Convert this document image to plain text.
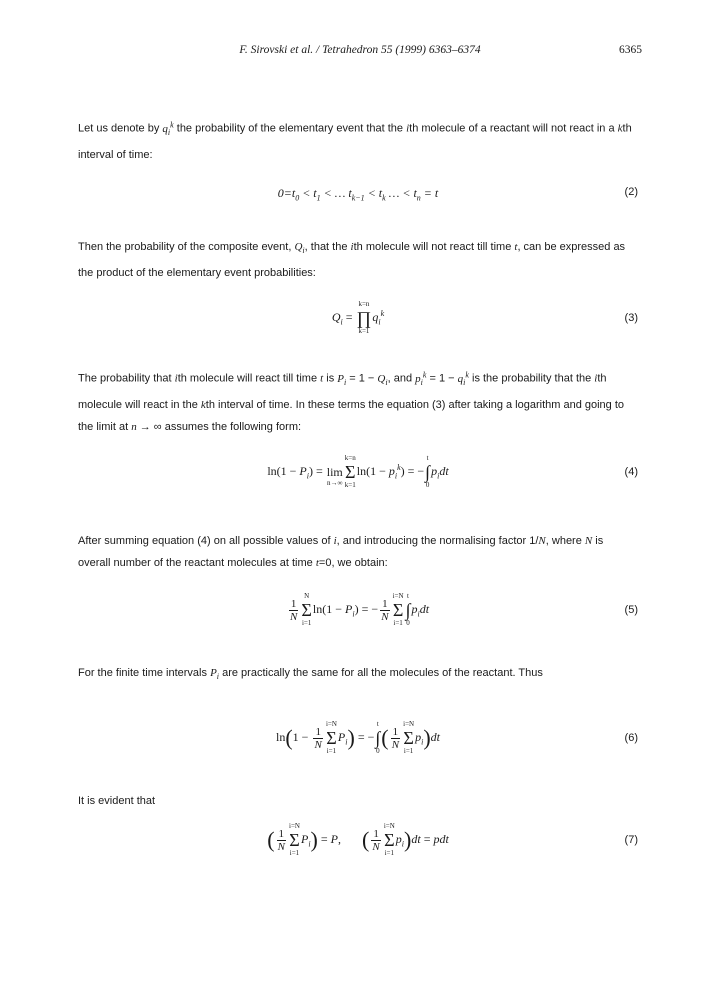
F. Sirovski et al. / Tetrahedron 55 (1999) 6363–6374	6365

Let us denote by $q_i^k$ the probability of the elementary event that the ith molecule of a reactant will not react in a kth interval of time:

$0=t_0 < t_1$ < … $t_{k-1} < t_k$ … < $t_n = t$	(2)

Then the probability of the composite event, $Q_i$, that the ith molecule will not react till time t, can be expressed as the product of the elementary event probabilities:

$Q_i = k=n$
∏
$k=1q_i^k$	(3)

The probability that ith molecule will react till time t is $P_i = 1 - Q_i$, and $p_i^k = 1 - q_i^k$ is the probability that the ith molecule will react in the kth interval of time. In these terms the equation (3) after taking a logarithm and going to the limit at n → ∞ assumes the following form:

$\ln(1 - P_i) = \lim$
n→∞k=n
Σ
$k=1\ln(1 - p_i^k) = -t$
∫
$0p_idt$	(4)

After summing equation (4) on all possible values of i, and introducing the normalising factor 1/N, where N is overall number of the reactant molecules at time t=0, we obtain:

$\frac{1}{N}$
N
Σ
$i=1\ln(1 - P_i)$ = − $\frac{1}{N}$
i=N
Σ
i=1t
∫
$0p_idt$	(5)

For the finite time intervals $P_i$ are practically the same for all the molecules of the reactant. Thus

$\ln(1 - \frac{1}{N}$
i=N
Σ
$i=1P_i) = -t$
∫
$0( \frac{1}{N}$
i=N
Σ
$i=1p_i)dt$	(6)

It is evident that

( $\frac{1}{N}$
i=N
Σ
$i=1P_i) = P$,       ( $\frac{1}{N}$
i=N
Σ
$i=1p_i)dt$ = pdt	(7)
